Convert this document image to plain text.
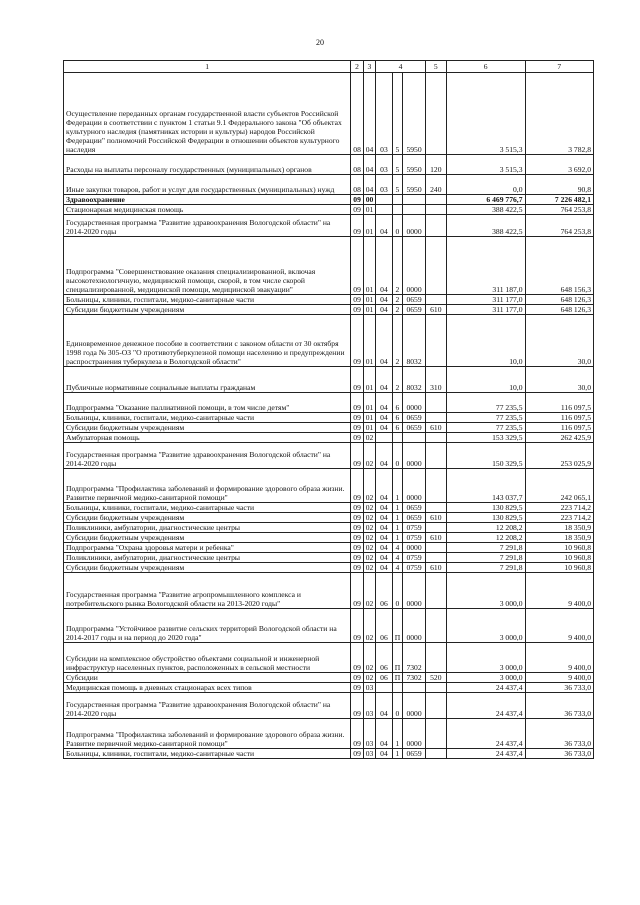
20
1	2	3	4			5	6	7
Осуществление переданных органам государственной власти субъектов Российской Федерации в соответствии с пунктом 1 статьи 9.1 Федерального закона "Об объектах культурного наследия (памятниках истории и культуры) народов Российской Федерации" полномочий Российской Федерации в отношении объектов культурного наследия	08	04	03	5	5950		3 515,3	3 782,8
Расходы на выплаты персоналу государственных (муниципальных) органов	08	04	03	5	5950	120	3 515,3	3 692,0
Иные закупки товаров, работ и услуг для государственных (муниципальных) нужд	08	04	03	5	5950	240	0,0	90,8
Здравоохранение	09	00					6 469 776,7	7 226 482,1
Стационарная медицинская помощь	09	01					388 422,5	764 253,8
Государственная программа "Развитие здравоохранения Вологодской области" на 2014-2020 годы	09	01	04	0	0000		388 422,5	764 253,8
Подпрограмма "Совершенствование оказания специализированной, включая высокотехнологичную, медицинской помощи, скорой, в том числе скорой специализированной, медицинской помощи, медицинской эвакуации"	09	01	04	2	0000		311 187,0	648 156,3
Больницы, клиники, госпитали, медико-санитарные части	09	01	04	2	0659		311 177,0	648 126,3
Субсидии бюджетным учреждениям	09	01	04	2	0659	610	311 177,0	648 126,3
Единовременное денежное пособие в соответствии с законом области от 30 октября 1998 года № 305-ОЗ "О противотуберкулезной помощи населению и предупреждении распространения туберкулеза в Вологодской области"	09	01	04	2	8032		10,0	30,0
Публичные нормативные социальные выплаты гражданам	09	01	04	2	8032	310	10,0	30,0
Подпрограмма "Оказание паллиативной помощи, в том числе детям"	09	01	04	6	0000		77 235,5	116 097,5
Больницы, клиники, госпитали, медико-санитарные части	09	01	04	6	0659		77 235,5	116 097,5
Субсидии бюджетным учреждениям	09	01	04	6	0659	610	77 235,5	116 097,5
Амбулаторная помощь	09	02					153 329,5	262 425,9
Государственная программа "Развитие здравоохранения Вологодской области" на 2014-2020 годы	09	02	04	0	0000		150 329,5	253 025,9
Подпрограмма "Профилактика заболеваний и формирование здорового образа жизни. Развитие первичной медико-санитарной помощи"	09	02	04	1	0000		143 037,7	242 065,1
Больницы, клиники, госпитали, медико-санитарные части	09	02	04	1	0659		130 829,5	223 714,2
Субсидии бюджетным учреждениям	09	02	04	1	0659	610	130 829,5	223 714,2
Поликлиники, амбулатории, диагностические центры	09	02	04	1	0759		12 208,2	18 350,9
Субсидии бюджетным учреждениям	09	02	04	1	0759	610	12 208,2	18 350,9
Подпрограмма "Охрана здоровья матери и ребенка"	09	02	04	4	0000		7 291,8	10 960,8
Поликлиники, амбулатории, диагностические центры	09	02	04	4	0759		7 291,8	10 960,8
Субсидии бюджетным учреждениям	09	02	04	4	0759	610	7 291,8	10 960,8
Государственная программа "Развитие агропромышленного комплекса и потребительского рынка Вологодской области на 2013-2020 годы"	09	02	06	0	0000		3 000,0	9 400,0
Подпрограмма "Устойчивое развитие сельских территорий Вологодской области на 2014-2017 годы и на период до 2020 года"	09	02	06	П	0000		3 000,0	9 400,0
Субсидии на комплексное обустройство объектами социальной и инженерной инфраструктур населенных пунктов, расположенных в сельской местности	09	02	06	П	7302		3 000,0	9 400,0
Субсидии	09	02	06	П	7302	520	3 000,0	9 400,0
Медицинская помощь в дневных стационарах всех типов	09	03					24 437,4	36 733,0
Государственная программа "Развитие здравоохранения Вологодской области" на 2014-2020 годы	09	03	04	0	0000		24 437,4	36 733,0
Подпрограмма "Профилактика заболеваний и формирование здорового образа жизни. Развитие первичной медико-санитарной помощи"	09	03	04	1	0000		24 437,4	36 733,0
Больницы, клиники, госпитали, медико-санитарные части	09	03	04	1	0659		24 437,4	36 733,0
